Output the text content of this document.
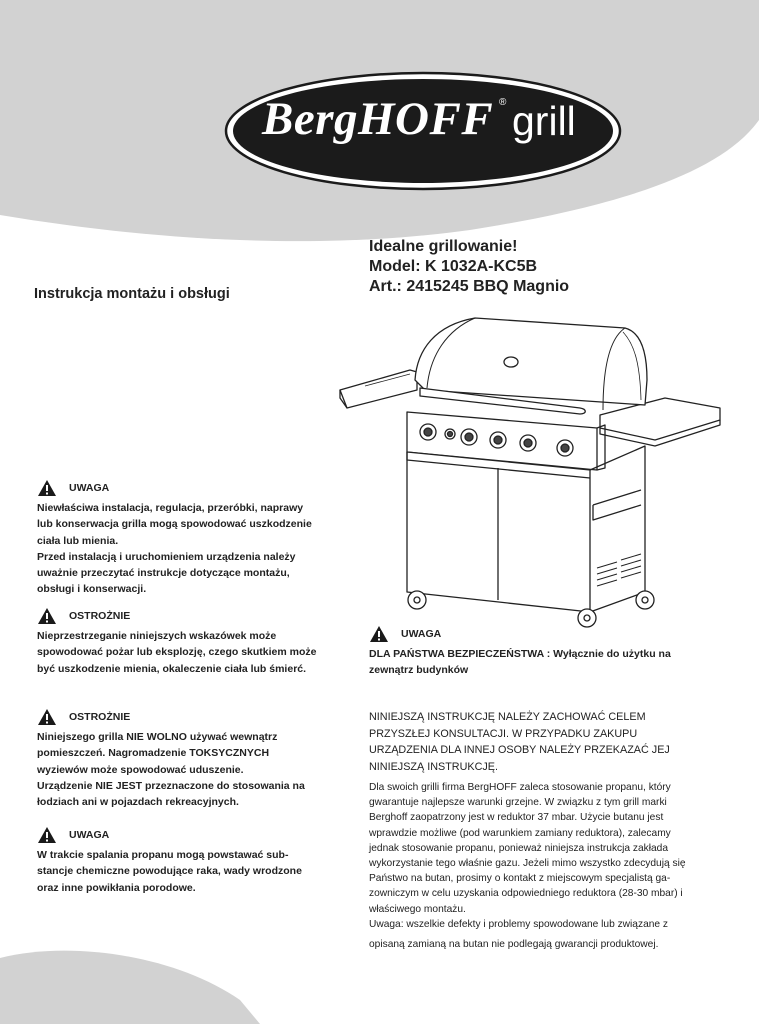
BergHOFF ® grill
Idealne grillowanie!
Model: K 1032A-KC5B
Art.: 2415245 BBQ Magnio
Instrukcja montażu i obsługi
UWAGA
Niewłaściwa instalacja, regulacja, przeróbki, naprawy
lub konserwacja grilla mogą spowodować uszkodzenie
ciała lub mienia.
Przed instalacją i uruchomieniem urządzenia należy
uważnie przeczytać instrukcje dotyczące montażu,
obsługi i konserwacji.
OSTROŻNIE
Nieprzestrzeganie niniejszych wskazówek może
spowodować pożar lub eksplozję, czego skutkiem może
być uszkodzenie mienia, okaleczenie ciała lub śmierć.
OSTROŻNIE
Niniejszego grilla NIE WOLNO używać wewnątrz
pomieszczeń. Nagromadzenie TOKSYCZNYCH
wyziewów może spowodować uduszenie.
Urządzenie NIE JEST przeznaczone do stosowania na
łodziach ani w pojazdach rekreacyjnych.
UWAGA
W trakcie spalania propanu mogą powstawać sub-
stancje chemiczne powodujące raka, wady wrodzone
oraz inne powikłania porodowe.
UWAGA
DLA PAŃSTWA BEZPIECZEŃSTWA : Wyłącznie do użytku na
zewnątrz budynków
NINIEJSZĄ INSTRUKCJĘ NALEŻY ZACHOWAĆ CELEM
PRZYSZŁEJ KONSULTACJI. W PRZYPADKU ZAKUPU
URZĄDZENIA DLA INNEJ OSOBY NALEŻY PRZEKAZAĆ JEJ
NINIEJSZĄ INSTRUKCJĘ.
Dla swoich grilli firma BergHOFF zaleca stosowanie propanu, który
gwarantuje najlepsze warunki grzejne. W związku z tym grill marki
Berghoff zaopatrzony jest w reduktor 37 mbar. Użycie butanu jest
wprawdzie możliwe (pod warunkiem zamiany reduktora), zalecamy
jednak stosowanie propanu, ponieważ niniejsza instrukcja zakłada
wykorzystanie tego właśnie gazu. Jeżeli mimo wszystko zdecydują się
Państwo na butan, prosimy o kontakt z miejscowym specjalistą ga-
zowniczym w celu uzyskania odpowiedniego reduktora (28-30 mbar) i
właściwego montażu.
Uwaga: wszelkie defekty i problemy spowodowane lub związane z
opisaną zamianą na butan nie podlegają gwarancji produktowej.
